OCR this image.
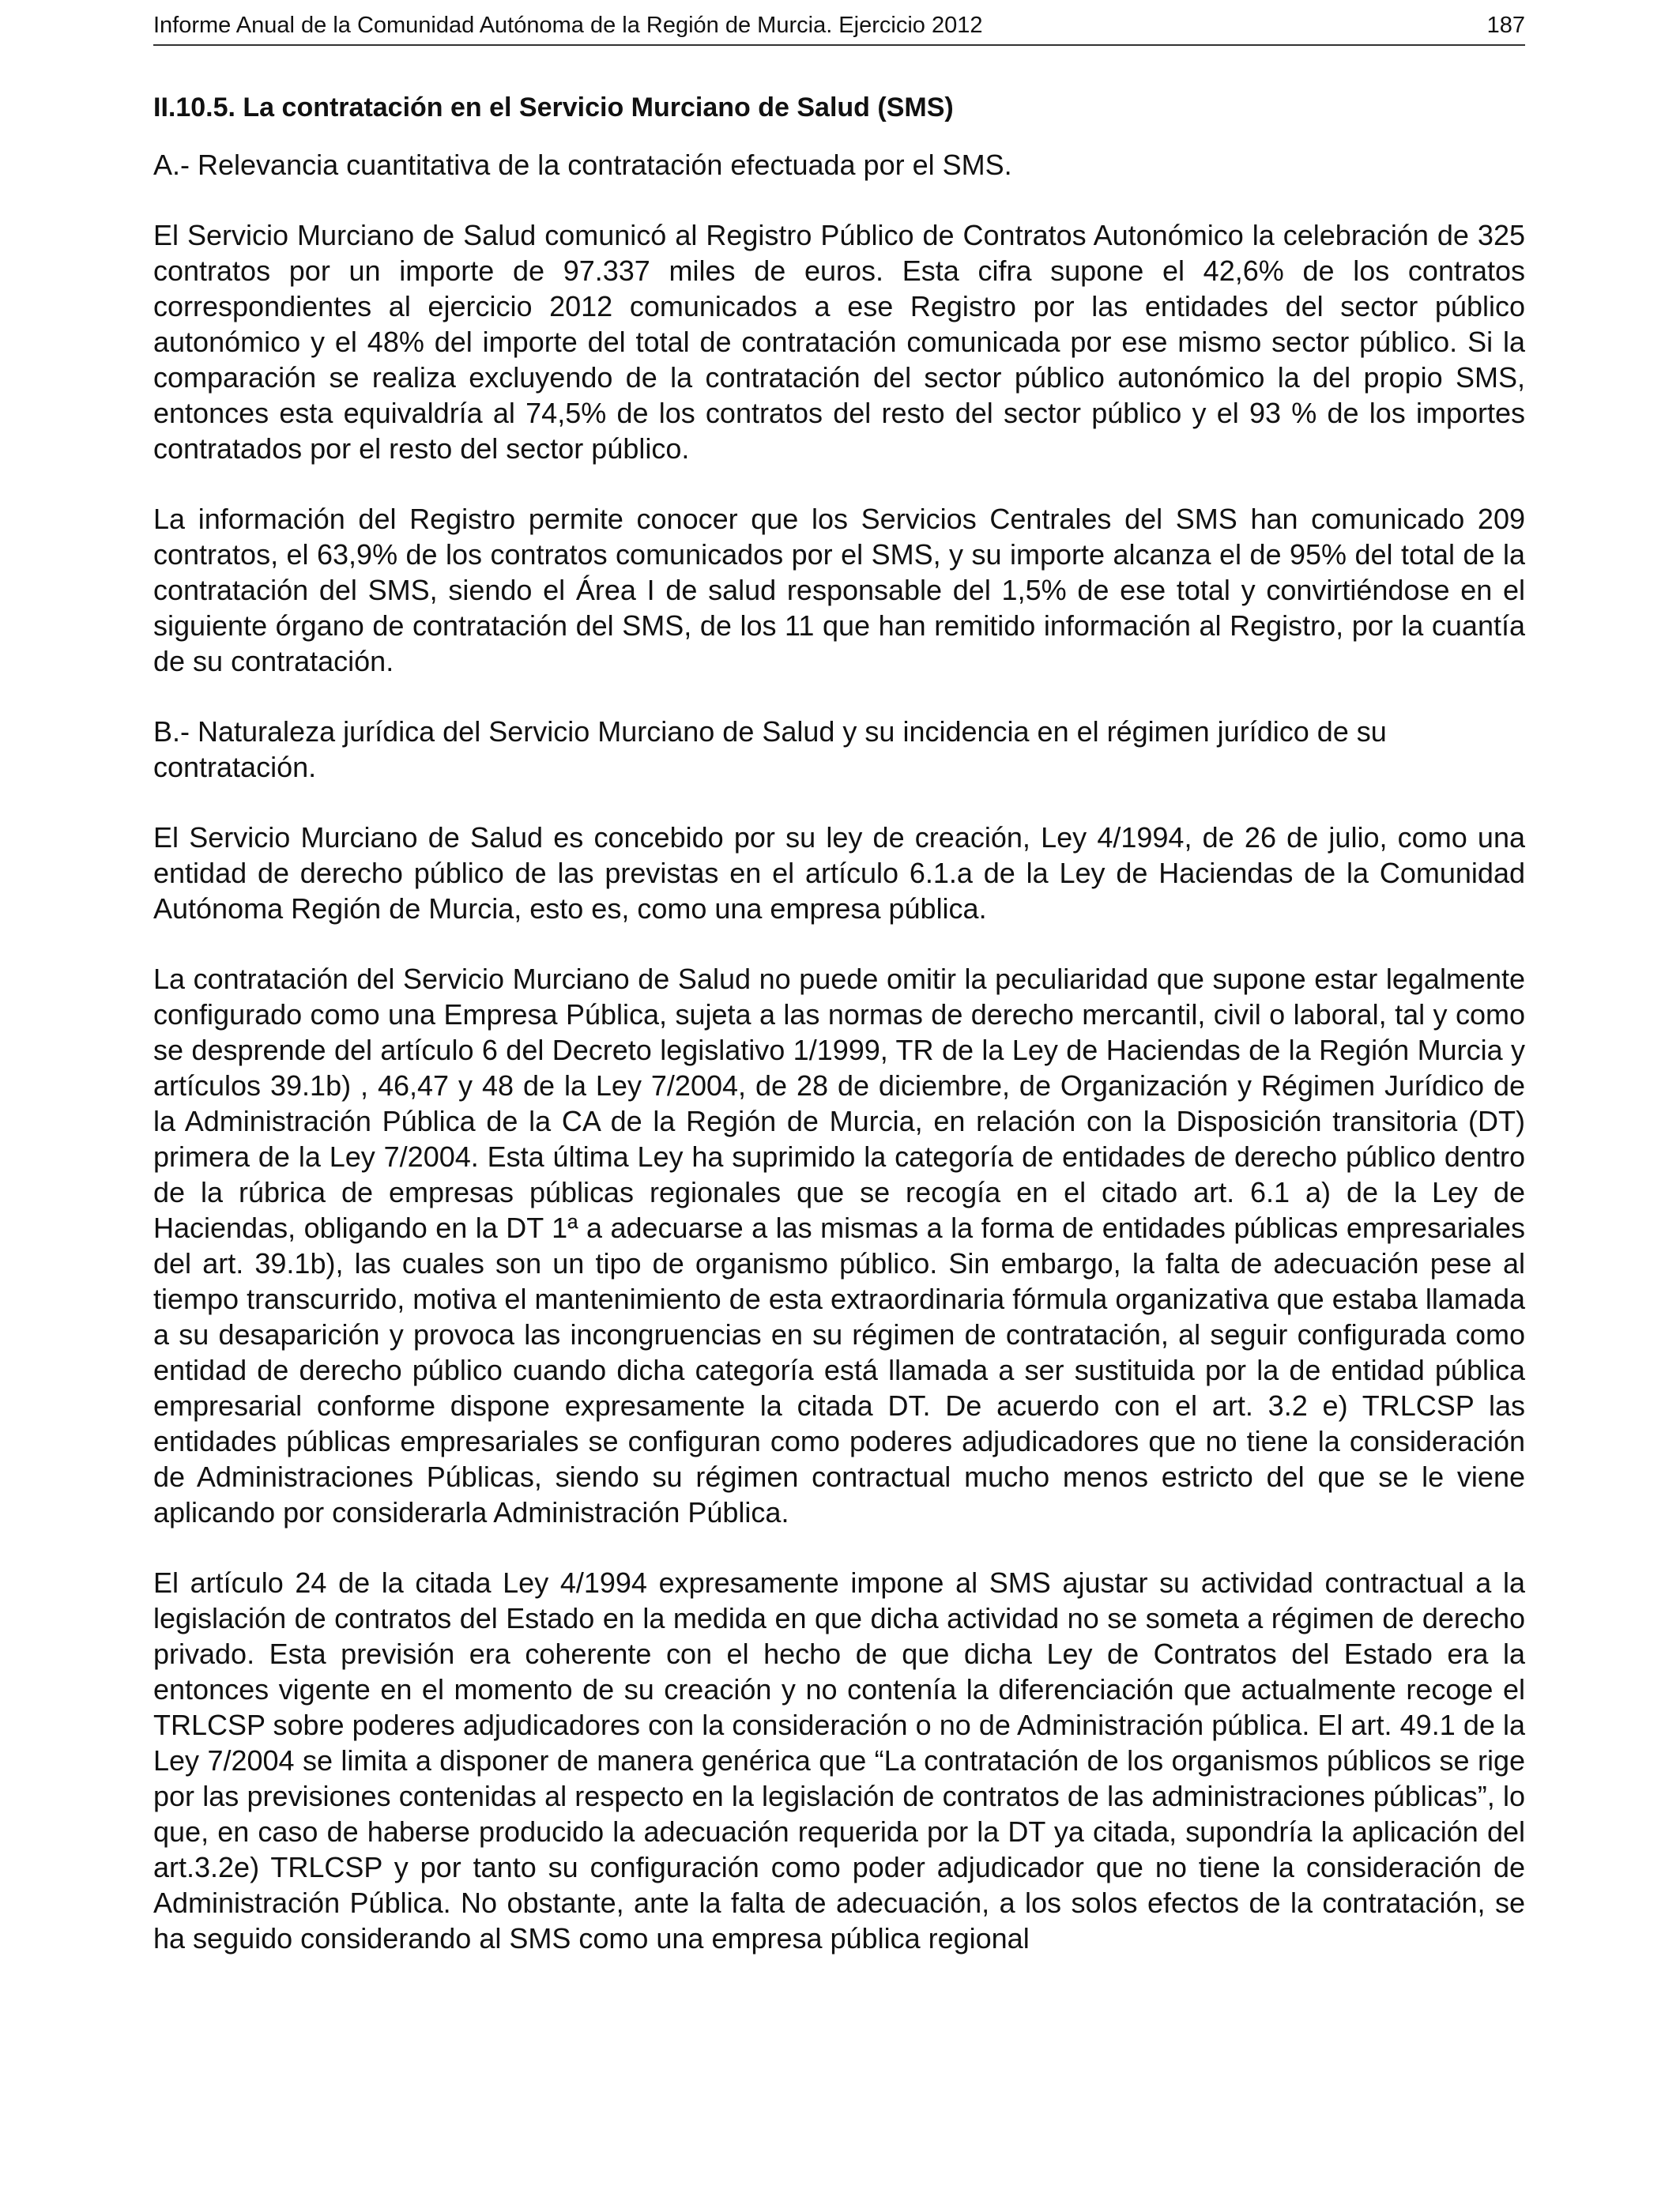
Informe Anual de la Comunidad Autónoma de la Región de Murcia. Ejercicio 2012	187
II.10.5. La contratación en el Servicio Murciano de Salud (SMS)
A.- Relevancia cuantitativa de la contratación efectuada por el SMS.

El Servicio Murciano de Salud comunicó al Registro Público de Contratos Autonómico la celebración de 325 contratos por un importe de 97.337 miles de euros. Esta cifra supone el 42,6% de los contratos correspondientes al ejercicio 2012 comunicados a ese Registro por las entidades del sector público autonómico y el 48% del importe del total de contratación comunicada por ese mismo sector público. Si la comparación se realiza excluyendo de la contratación del sector público autonómico la del propio SMS, entonces esta equivaldría al 74,5% de los contratos del resto del sector público y el 93 % de los importes contratados por el resto del sector público.

La información del Registro permite conocer que los Servicios Centrales del SMS han comunicado 209 contratos, el 63,9% de los contratos comunicados por el SMS, y su importe alcanza el de 95% del total de la contratación del SMS, siendo el Área I de salud responsable del 1,5% de ese total y convirtiéndose en el siguiente órgano de contratación del SMS, de los 11 que han remitido información al Registro, por la cuantía de su contratación.

B.- Naturaleza jurídica del Servicio Murciano de Salud y su incidencia en el régimen jurídico de su contratación.

El Servicio Murciano de Salud es concebido por su ley de creación, Ley 4/1994, de 26 de julio, como una entidad de derecho público de las previstas en el artículo 6.1.a de la Ley de Haciendas de la Comunidad Autónoma Región de Murcia, esto es, como una empresa pública.

La contratación del Servicio Murciano de Salud no puede omitir la peculiaridad que supone estar legalmente configurado como una Empresa Pública, sujeta a las normas de derecho mercantil, civil o laboral, tal y como se desprende del artículo 6 del Decreto legislativo 1/1999, TR de la Ley de Haciendas de la Región Murcia y artículos 39.1b) , 46,47 y 48 de la Ley 7/2004, de 28 de diciembre, de Organización y Régimen Jurídico de la Administración Pública de la CA de la Región de Murcia, en relación con la Disposición transitoria (DT) primera de la Ley 7/2004. Esta última Ley ha suprimido la categoría de entidades de derecho público dentro de la rúbrica de empresas públicas regionales que se recogía en el citado art. 6.1 a) de la Ley de Haciendas, obligando en la DT 1ª a adecuarse a las mismas a la forma de entidades públicas empresariales del art. 39.1b), las cuales son un tipo de organismo público. Sin embargo, la falta de adecuación pese al tiempo transcurrido, motiva el mantenimiento de esta extraordinaria fórmula organizativa que estaba llamada a su desaparición y provoca las incongruencias en su régimen de contratación, al seguir configurada como entidad de derecho público cuando dicha categoría está llamada a ser sustituida por la de entidad pública empresarial conforme dispone expresamente la citada DT. De acuerdo con el art. 3.2 e) TRLCSP las entidades públicas empresariales se configuran como poderes adjudicadores que no tiene la consideración de Administraciones Públicas, siendo su régimen contractual mucho menos estricto del que se le viene aplicando por considerarla Administración Pública.

El artículo 24 de la citada Ley 4/1994 expresamente impone al SMS ajustar su actividad contractual a la legislación de contratos del Estado en la medida en que dicha actividad no se someta a régimen de derecho privado. Esta previsión era coherente con el hecho de que dicha Ley de Contratos del Estado era la entonces vigente en el momento de su creación y no contenía la diferenciación que actualmente recoge el TRLCSP sobre poderes adjudicadores con la consideración o no de Administración pública. El art. 49.1 de la Ley 7/2004 se limita a disponer de manera genérica que “La contratación de los organismos públicos se rige por las previsiones contenidas al respecto en la legislación de contratos de las administraciones públicas”, lo que, en caso de haberse producido la adecuación requerida por la DT ya citada, supondría la aplicación del art.3.2e) TRLCSP y por tanto su configuración como poder adjudicador que no tiene la consideración de Administración Pública. No obstante, ante la falta de adecuación, a los solos efectos de la contratación, se ha seguido considerando al SMS como una empresa pública regional
